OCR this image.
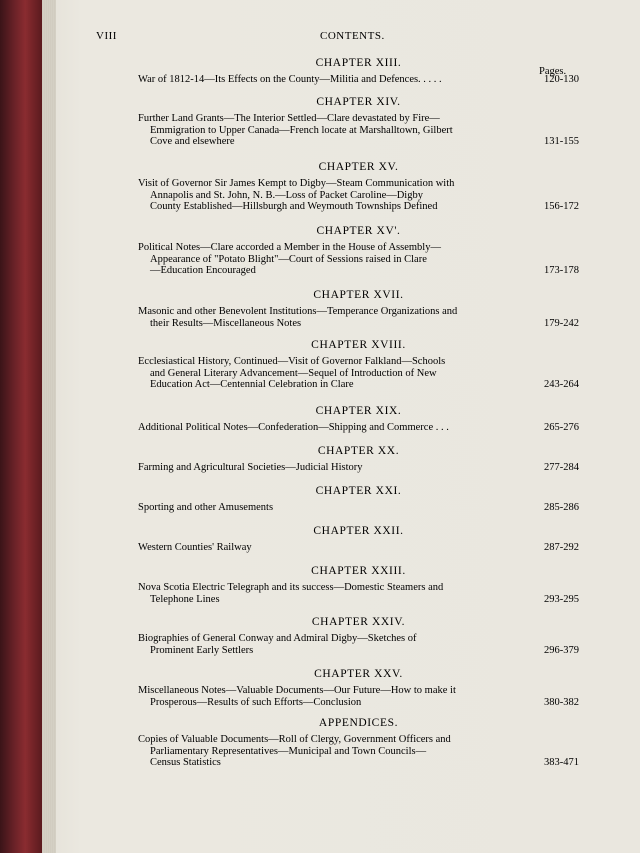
VIII	CONTENTS.
Pages.
CHAPTER XIII.
War of 1812-14—Its Effects on the County—Militia and Defences. . . . .	120-130
CHAPTER XIV.
Further Land Grants—The Interior Settled—Clare devastated by Fire—
Emmigration to Upper Canada—French locate at Marshalltown, Gilbert
Cove and elsewhere	131-155
CHAPTER XV.
Visit of Governor Sir James Kempt to Digby—Steam Communication with
Annapolis and St. John, N. B.—Loss of Packet Caroline—Digby
County Established—Hillsburgh and Weymouth Townships Defined	156-172
CHAPTER XV'.
Political Notes—Clare accorded a Member in the House of Assembly—
Appearance of "Potato Blight"—Court of Sessions raised in Clare
—Education Encouraged	173-178
CHAPTER XVII.
Masonic and other Benevolent Institutions—Temperance Organizations and
their Results—Miscellaneous Notes	179-242
CHAPTER XVIII.
Ecclesiastical History, Continued—Visit of Governor Falkland—Schools
and General Literary Advancement—Sequel of Introduction of New
Education Act—Centennial Celebration in Clare	243-264
CHAPTER XIX.
Additional Political Notes—Confederation—Shipping and Commerce . . .	265-276
CHAPTER XX.
Farming and Agricultural Societies—Judicial History	277-284
CHAPTER XXI.
Sporting and other Amusements	285-286
CHAPTER XXII.
Western Counties' Railway	287-292
CHAPTER XXIII.
Nova Scotia Electric Telegraph and its success—Domestic Steamers and
Telephone Lines	293-295
CHAPTER XXIV.
Biographies of General Conway and Admiral Digby—Sketches of
Prominent Early Settlers	296-379
CHAPTER XXV.
Miscellaneous Notes—Valuable Documents—Our Future—How to make it
Prosperous—Results of such Efforts—Conclusion	380-382
APPENDICES.
Copies of Valuable Documents—Roll of Clergy, Government Officers and
Parliamentary Representatives—Municipal and Town Councils—
Census Statistics	383-471
